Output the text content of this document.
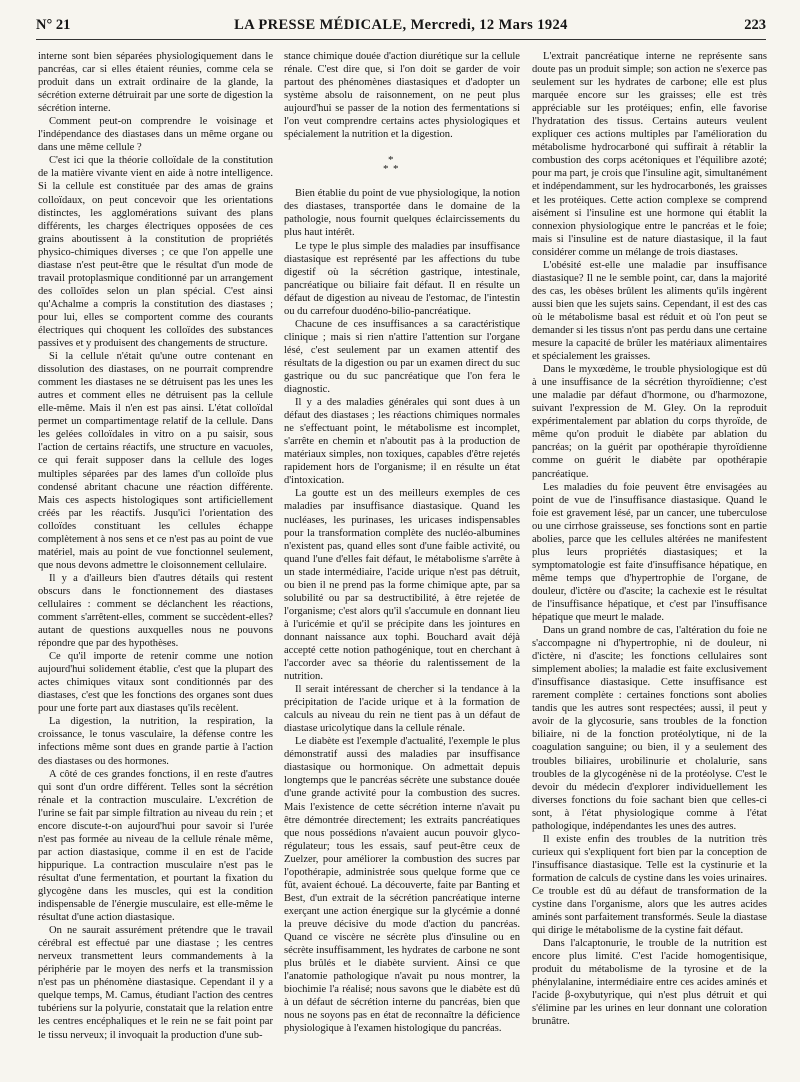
N° 21	LA PRESSE MÉDICALE, Mercredi, 12 Mars 1924	223

interne sont bien séparées physiologiquement dans le pancréas, car si elles étaient réunies, comme cela se produit dans un extrait ordinaire de la glande, la sécrétion externe détruirait par une sorte de digestion la sécrétion interne.

Comment peut-on comprendre le voisinage et l'indépendance des diastases dans un même organe ou dans une même cellule ?

C'est ici que la théorie colloïdale de la constitution de la matière vivante vient en aide à notre intelligence. Si la cellule est constituée par des amas de grains colloïdaux, on peut concevoir que les orientations distinctes, les agglomérations suivant des plans différents, les charges électriques opposées de ces grains aboutissent à la constitution de propriétés physico-chimiques diverses ; ce que l'on appelle une diastase n'est peut-être que le résultat d'un mode de travail protoplasmique conditionné par un arrangement des colloïdes selon un plan spécial. C'est ainsi qu'Achalme a compris la constitution des diastases ; pour lui, elles se comportent comme des courants électriques qui choquent les colloïdes des substances passives et y produisent des changements de structure.

Si la cellule n'était qu'une outre contenant en dissolution des diastases, on ne pourrait comprendre comment les diastases ne se détruisent pas les unes les autres et comment elles ne détruisent pas la cellule elle-même. Mais il n'en est pas ainsi. L'état colloïdal permet un compartimentage relatif de la cellule. Dans les gelées colloïdales in vitro on a pu saisir, sous l'action de certains réactifs, une structure en vacuoles, ce qui ferait supposer dans la cellule des loges multiples séparées par des lames d'un colloïde plus condensé abritant chacune une réaction différente. Mais ces aspects histologiques sont artificiellement créés par les réactifs. Jusqu'ici l'orientation des colloïdes constituant les cellules échappe complètement à nos sens et ce n'est pas au point de vue matériel, mais au point de vue fonctionnel seulement, que nous devons admettre le cloisonnement cellulaire.

Il y a d'ailleurs bien d'autres détails qui restent obscurs dans le fonctionnement des diastases cellulaires : comment se déclanchent les réactions, comment s'arrêtent-elles, comment se succèdent-elles? autant de questions auxquelles nous ne pouvons répondre que par des hypothèses.

Ce qu'il importe de retenir comme une notion aujourd'hui solidement établie, c'est que la plupart des actes chimiques vitaux sont conditionnés par des diastases, c'est que les fonctions des organes sont dues pour une forte part aux diastases qu'ils recèlent.

La digestion, la nutrition, la respiration, la croissance, le tonus vasculaire, la défense contre les infections même sont dues en grande partie à l'action des diastases ou des hormones.

A côté de ces grandes fonctions, il en reste d'autres qui sont d'un ordre différent. Telles sont la sécrétion rénale et la contraction musculaire. L'excrétion de l'urine se fait par simple filtration au niveau du rein ; et encore discute-t-on aujourd'hui pour savoir si l'urée n'est pas formée au niveau de la cellule rénale même, par action diastasique, comme il en est de l'acide hippurique. La contraction musculaire n'est pas le résultat d'une fermentation, et pourtant la fixation du glycogène dans les muscles, qui est la condition indispensable de l'énergie musculaire, est elle-même le résultat d'une action diastasique.

On ne saurait assurément prétendre que le travail cérébral est effectué par une diastase ; les centres nerveux transmettent leurs commandements à la périphérie par le moyen des nerfs et la transmission n'est pas un phénomène diastasique. Cependant il y a quelque temps, M. Camus, étudiant l'action des centres tubériens sur la polyurie, constatait que la relation entre les centres encéphaliques et le rein ne se fait point par le tissu nerveux; il invoquait la production d'une sub-

stance chimique douée d'action diurétique sur la cellule rénale. C'est dire que, si l'on doit se garder de voir partout des phénomènes diastasiques et d'adopter un système absolu de raisonnement, on ne peut plus aujourd'hui se passer de la notion des fermentations si l'on veut comprendre certains actes physiologiques et spécialement la nutrition et la digestion.

*
* *

Bien établie du point de vue physiologique, la notion des diastases, transportée dans le domaine de la pathologie, nous fournit quelques éclaircissements du plus haut intérêt.

Le type le plus simple des maladies par insuffisance diastasique est représenté par les affections du tube digestif où la sécrétion gastrique, intestinale, pancréatique ou biliaire fait défaut. Il en résulte un défaut de digestion au niveau de l'estomac, de l'intestin ou du carrefour duodéno-bilio-pancréatique.

Chacune de ces insuffisances a sa caractéristique clinique ; mais si rien n'attire l'attention sur l'organe lésé, c'est seulement par un examen attentif des résultats de la digestion ou par un examen direct du suc gastrique ou du suc pancréatique que l'on fera le diagnostic.

Il y a des maladies générales qui sont dues à un défaut des diastases ; les réactions chimiques normales ne s'effectuant point, le métabolisme est incomplet, s'arrête en chemin et n'aboutit pas à la production de matériaux simples, non toxiques, capables d'être rejetés rapidement hors de l'organisme; il en résulte un état d'intoxication.

La goutte est un des meilleurs exemples de ces maladies par insuffisance diastasique. Quand les nucléases, les purinases, les uricases indispensables pour la transformation complète des nucléo-albumines n'existent pas, quand elles sont d'une faible activité, ou quand l'une d'elles fait défaut, le métabolisme s'arrête à un stade intermédiaire, l'acide urique n'est pas détruit, ou bien il ne prend pas la forme chimique apte, par sa solubilité ou par sa destructibilité, à être rejetée de l'organisme; c'est alors qu'il s'accumule en donnant lieu à l'uricémie et qu'il se précipite dans les jointures en donnant naissance aux tophi. Bouchard avait déjà accepté cette notion pathogénique, tout en cherchant à l'accorder avec sa théorie du ralentissement de la nutrition.

Il serait intéressant de chercher si la tendance à la précipitation de l'acide urique et à la formation de calculs au niveau du rein ne tient pas à un défaut de diastase uricolytique dans la cellule rénale.

Le diabète est l'exemple d'actualité, l'exemple le plus démonstratif aussi des maladies par insuffisance diastasique ou hormonique. On admettait depuis longtemps que le pancréas sécrète une substance douée d'une grande activité pour la combustion des sucres. Mais l'existence de cette sécrétion interne n'avait pu être démontrée directement; les extraits pancréatiques que nous possédions n'avaient aucun pouvoir glyco-régulateur; tous les essais, sauf peut-être ceux de Zuelzer, pour améliorer la combustion des sucres par l'opothérapie, administrée sous quelque forme que ce fût, avaient échoué. La découverte, faite par Banting et Best, d'un extrait de la sécrétion pancréatique interne exerçant une action énergique sur la glycémie a donné la preuve décisive du mode d'action du pancréas. Quand ce viscère ne sécrète plus d'insuline ou en sécrète insuffisamment, les hydrates de carbone ne sont plus brûlés et le diabète survient. Ainsi ce que l'anatomie pathologique n'avait pu nous montrer, la biochimie l'a réalisé; nous savons que le diabète est dû à un défaut de sécrétion interne du pancréas, bien que nous ne soyons pas en état de reconnaître la déficience physiologique à l'examen histologique du pancréas.

L'extrait pancréatique interne ne représente sans doute pas un produit simple; son action ne s'exerce pas seulement sur les hydrates de carbone; elle est plus marquée encore sur les graisses; elle est très appréciable sur les protéiques; enfin, elle favorise l'hydratation des tissus. Certains auteurs veulent expliquer ces actions multiples par l'amélioration du métabolisme hydrocarboné qui suffirait à rétablir la combustion des corps acétoniques et l'équilibre azoté; pour ma part, je crois que l'insuline agit, simultanément et indépendamment, sur les hydrocarbonés, les graisses et les protéiques. Cette action complexe se comprend aisément si l'insuline est une hormone qui établit la connexion physiologique entre le pancréas et le foie; mais si l'insuline est de nature diastasique, il la faut considérer comme un mélange de trois diastases.

L'obésité est-elle une maladie par insuffisance diastasique? Il ne le semble point, car, dans la majorité des cas, les obèses brûlent les aliments qu'ils ingèrent aussi bien que les sujets sains. Cependant, il est des cas où le métabolisme basal est réduit et où l'on peut se demander si les tissus n'ont pas perdu dans une certaine mesure la capacité de brûler les matériaux alimentaires et spécialement les graisses.

Dans le myxœdème, le trouble physiologique est dû à une insuffisance de la sécrétion thyroïdienne; c'est une maladie par défaut d'hormone, ou d'harmozone, suivant l'expression de M. Gley. On la reproduit expérimentalement par ablation du corps thyroïde, de même qu'on produit le diabète par ablation du pancréas; on la guérit par opothérapie thyroïdienne comme on guérit le diabète par opothérapie pancréatique.

Les maladies du foie peuvent être envisagées au point de vue de l'insuffisance diastasique. Quand le foie est gravement lésé, par un cancer, une tuberculose ou une cirrhose graisseuse, ses fonctions sont en partie abolies, parce que les cellules altérées ne manifestent plus leurs propriétés diastasiques; et la symptomatologie est faite d'insuffisance hépatique, en même temps que d'hypertrophie de l'organe, de douleur, d'ictère ou d'ascite; la cachexie est le résultat de l'insuffisance hépatique, et c'est par l'insuffisance hépatique que meurt le malade.

Dans un grand nombre de cas, l'altération du foie ne s'accompagne ni d'hypertrophie, ni de douleur, ni d'ictère, ni d'ascite; les fonctions cellulaires sont simplement abolies; la maladie est faite exclusivement d'insuffisance diastasique. Cette insuffisance est rarement complète : certaines fonctions sont abolies tandis que les autres sont respectées; aussi, il peut y avoir de la glycosurie, sans troubles de la fonction biliaire, ni de la fonction protéolytique, ni de la coagulation sanguine; ou bien, il y a seulement des troubles biliaires, urobilinurie et cholalurie, sans troubles de la glycogénèse ni de la protéolyse. C'est le devoir du médecin d'explorer individuellement les diverses fonctions du foie sachant bien que celles-ci sont, à l'état physiologique comme à l'état pathologique, indépendantes les unes des autres.

Il existe enfin des troubles de la nutrition très curieux qui s'expliquent fort bien par la conception de l'insuffisance diastasique. Telle est la cystinurie et la formation de calculs de cystine dans les voies urinaires. Ce trouble est dû au défaut de transformation de la cystine dans l'organisme, alors que les autres acides aminés sont parfaitement transformés. Seule la diastase qui dirige le métabolisme de la cystine fait défaut.

Dans l'alcaptonurie, le trouble de la nutrition est encore plus limité. C'est l'acide homogentisique, produit du métabolisme de la tyrosine et de la phénylalanine, intermédiaire entre ces acides aminés et l'acide β-oxybutyrique, qui n'est plus détruit et qui s'élimine par les urines en leur donnant une coloration brunâtre.
